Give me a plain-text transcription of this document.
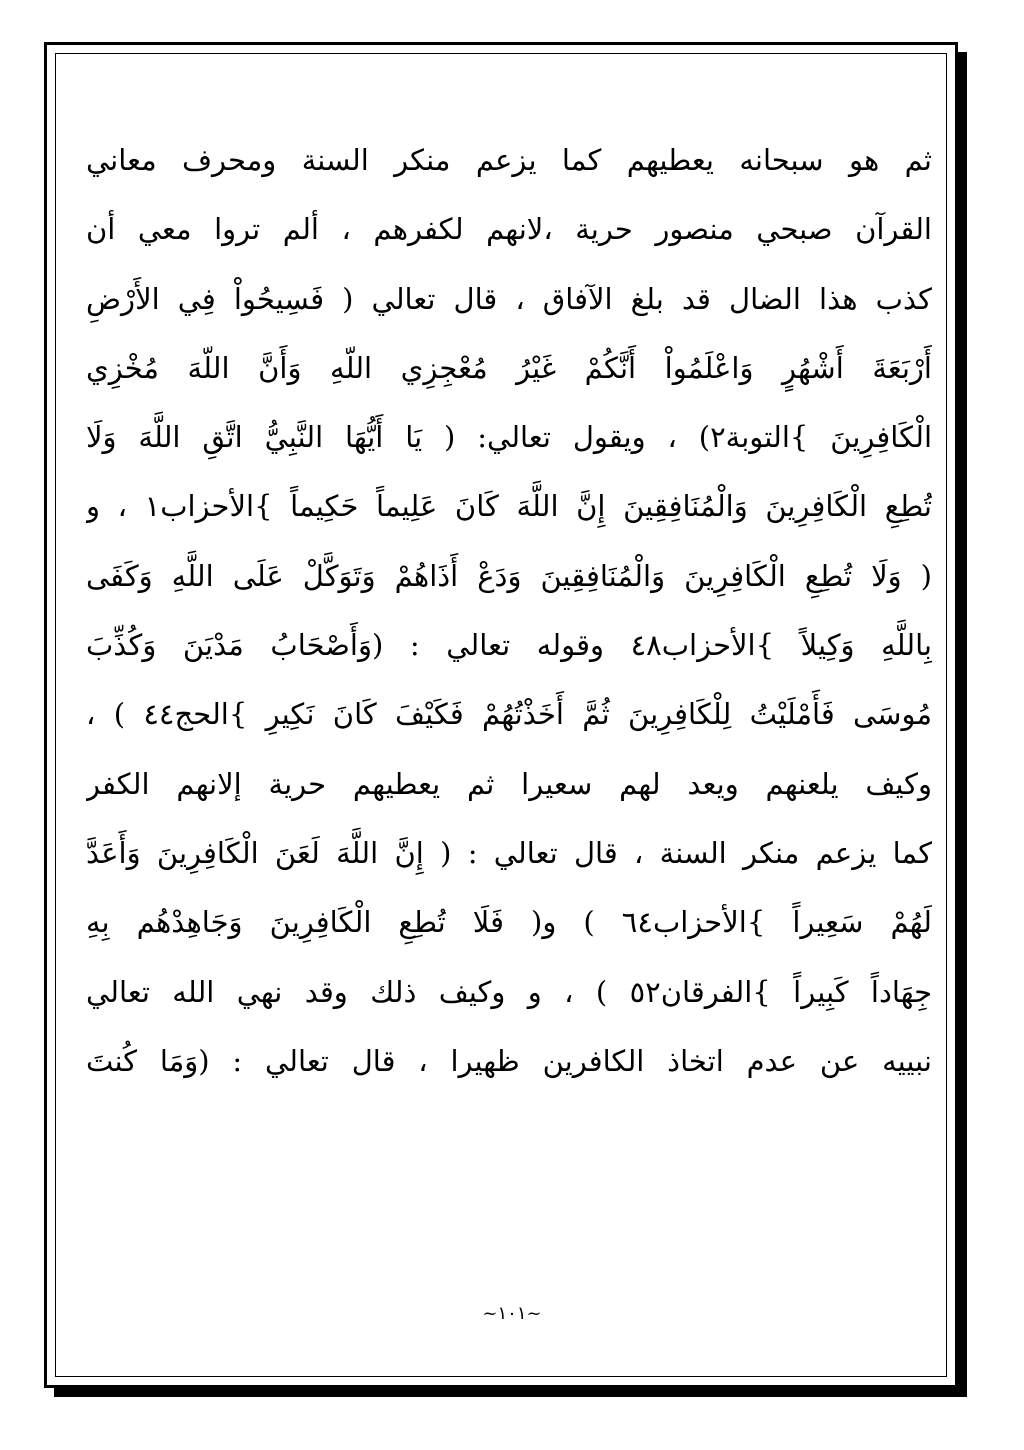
ثم هو سبحانه يعطيهم كما يزعم منكر السنة ومحرف معاني
القرآن صبحي منصور حرية ،لانهم لكفرهم ، ألم تروا معي أن
كذب هذا الضال قد بلغ الآفاق ، قال تعالي ( فَسِيحُواْ فِي الأَرْضِ
أَرْبَعَةَ أَشْهُرٍ وَاعْلَمُواْ أَنَّكُمْ غَيْرُ مُعْجِزِي اللّهِ وَأَنَّ اللّهَ مُخْزِي
الْكَافِرِينَ }التوبة٢) ، ويقول تعالي: ( يَا أَيُّهَا النَّبِيُّ اتَّقِ اللَّهَ وَلَا
تُطِعِ الْكَافِرِينَ وَالْمُنَافِقِينَ إِنَّ اللَّهَ كَانَ عَلِيماً حَكِيماً }الأحزاب١ ، و
( وَلَا تُطِعِ الْكَافِرِينَ وَالْمُنَافِقِينَ وَدَعْ أَذَاهُمْ وَتَوَكَّلْ عَلَى اللَّهِ وَكَفَى
بِاللَّهِ وَكِيلاً }الأحزاب٤٨ وقوله تعالي : (وَأَصْحَابُ مَدْيَنَ وَكُذِّبَ
مُوسَى فَأَمْلَيْتُ لِلْكَافِرِينَ ثُمَّ أَخَذْتُهُمْ فَكَيْفَ كَانَ نَكِيرِ }الحج٤٤ ) ،
وكيف يلعنهم ويعد لهم سعيرا ثم يعطيهم حرية إلانهم الكفر
كما يزعم منكر السنة ، قال تعالي : ( إِنَّ اللَّهَ لَعَنَ الْكَافِرِينَ وَأَعَدَّ
لَهُمْ سَعِيراً }الأحزاب٦٤ ) و( فَلَا تُطِعِ الْكَافِرِينَ وَجَاهِدْهُم بِهِ
جِهَاداً كَبِيراً }الفرقان٥٢ ) ، و وكيف ذلك وقد نهي الله تعالي
نبييه عن عدم اتخاذ الكافرين ظهيرا ، قال تعالي : (وَمَا كُنتَ
~١٠١~
